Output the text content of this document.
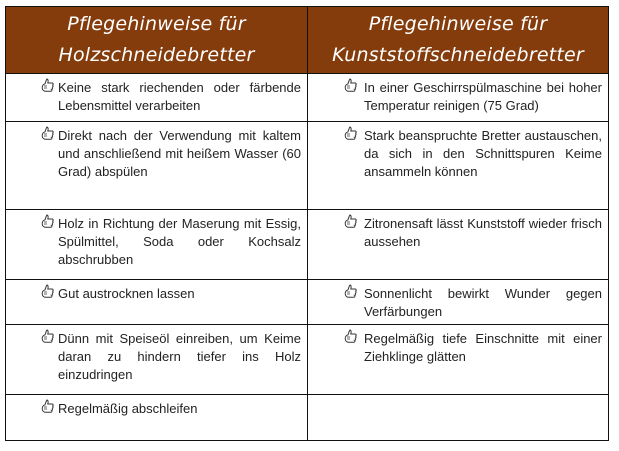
Pflegehinweise für
Holzschneidebretter
Pflegehinweise für
Kunststoffschneidebretter
Keine stark riechenden oder färbende Lebensmittel verarbeiten
In einer Geschirrspülmaschine bei hoher Temperatur reinigen (75 Grad)
Direkt nach der Verwendung mit kaltem und anschließend mit heißem Wasser (60 Grad) abspülen
Stark beanspruchte Bretter austauschen, da sich in den Schnittspuren Keime ansammeln können
Holz in Richtung der Maserung mit Essig, Spülmittel, Soda oder Kochsalz abschrubben
Zitronensaft lässt Kunststoff wieder frisch aussehen
Gut austrocknen lassen	Sonnenlicht bewirkt Wunder gegen Verfärbungen
Dünn mit Speiseöl einreiben, um Keime daran zu hindern tiefer ins Holz einzudringen
Regelmäßig tiefe Einschnitte mit einer Ziehklinge glätten
Regelmäßig abschleifen
